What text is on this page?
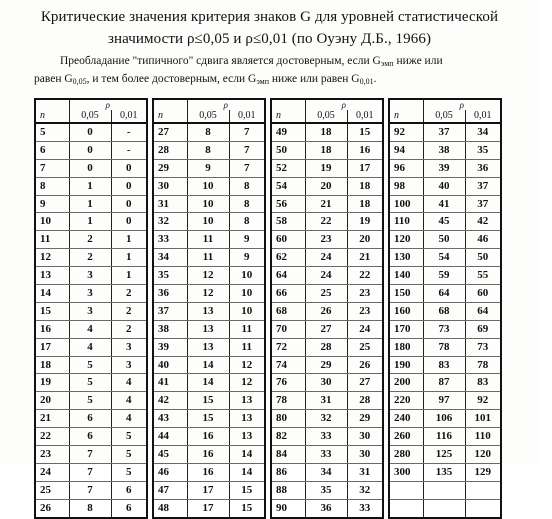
Критические значения критерия знаков G для уровней статистической
значимости ρ≤0,05 и ρ≤0,01 (по Оуэну Д.Б., 1966)
Преобладание "типичного" сдвига является достоверным, если $G_{эмп}$ ниже или
равен $G_{0,05}$, и тем более достоверным, если $G_{эмп}$ ниже или равен $G_{0,01}$.
	ρ	
n	0,05	0,01
5	0	-
6	0	-
7	0	0
8	1	0
9	1	0
10	1	0
11	2	1
12	2	1
13	3	1
14	3	2
15	3	2
16	4	2
17	4	3
18	5	3
19	5	4
20	5	4
21	6	4
22	6	5
23	7	5
24	7	5
25	7	6
26	8	6
	ρ	
n	0,05	0,01
27	8	7
28	8	7
29	9	7
30	10	8
31	10	8
32	10	8
33	11	9
34	11	9
35	12	10
36	12	10
37	13	10
38	13	11
39	13	11
40	14	12
41	14	12
42	15	13
43	15	13
44	16	13
45	16	14
46	16	14
47	17	15
48	17	15
	ρ	
n	0,05	0,01
49	18	15
50	18	16
52	19	17
54	20	18
56	21	18
58	22	19
60	23	20
62	24	21
64	24	22
66	25	23
68	26	23
70	27	24
72	28	25
74	29	26
76	30	27
78	31	28
80	32	29
82	33	30
84	33	30
86	34	31
88	35	32
90	36	33
	ρ	
n	0,05	0,01
92	37	34
94	38	35
96	39	36
98	40	37
100	41	37
110	45	42
120	50	46
130	54	50
140	59	55
150	64	60
160	68	64
170	73	69
180	78	73
190	83	78
200	87	83
220	97	92
240	106	101
260	116	110
280	125	120
300	135	129
